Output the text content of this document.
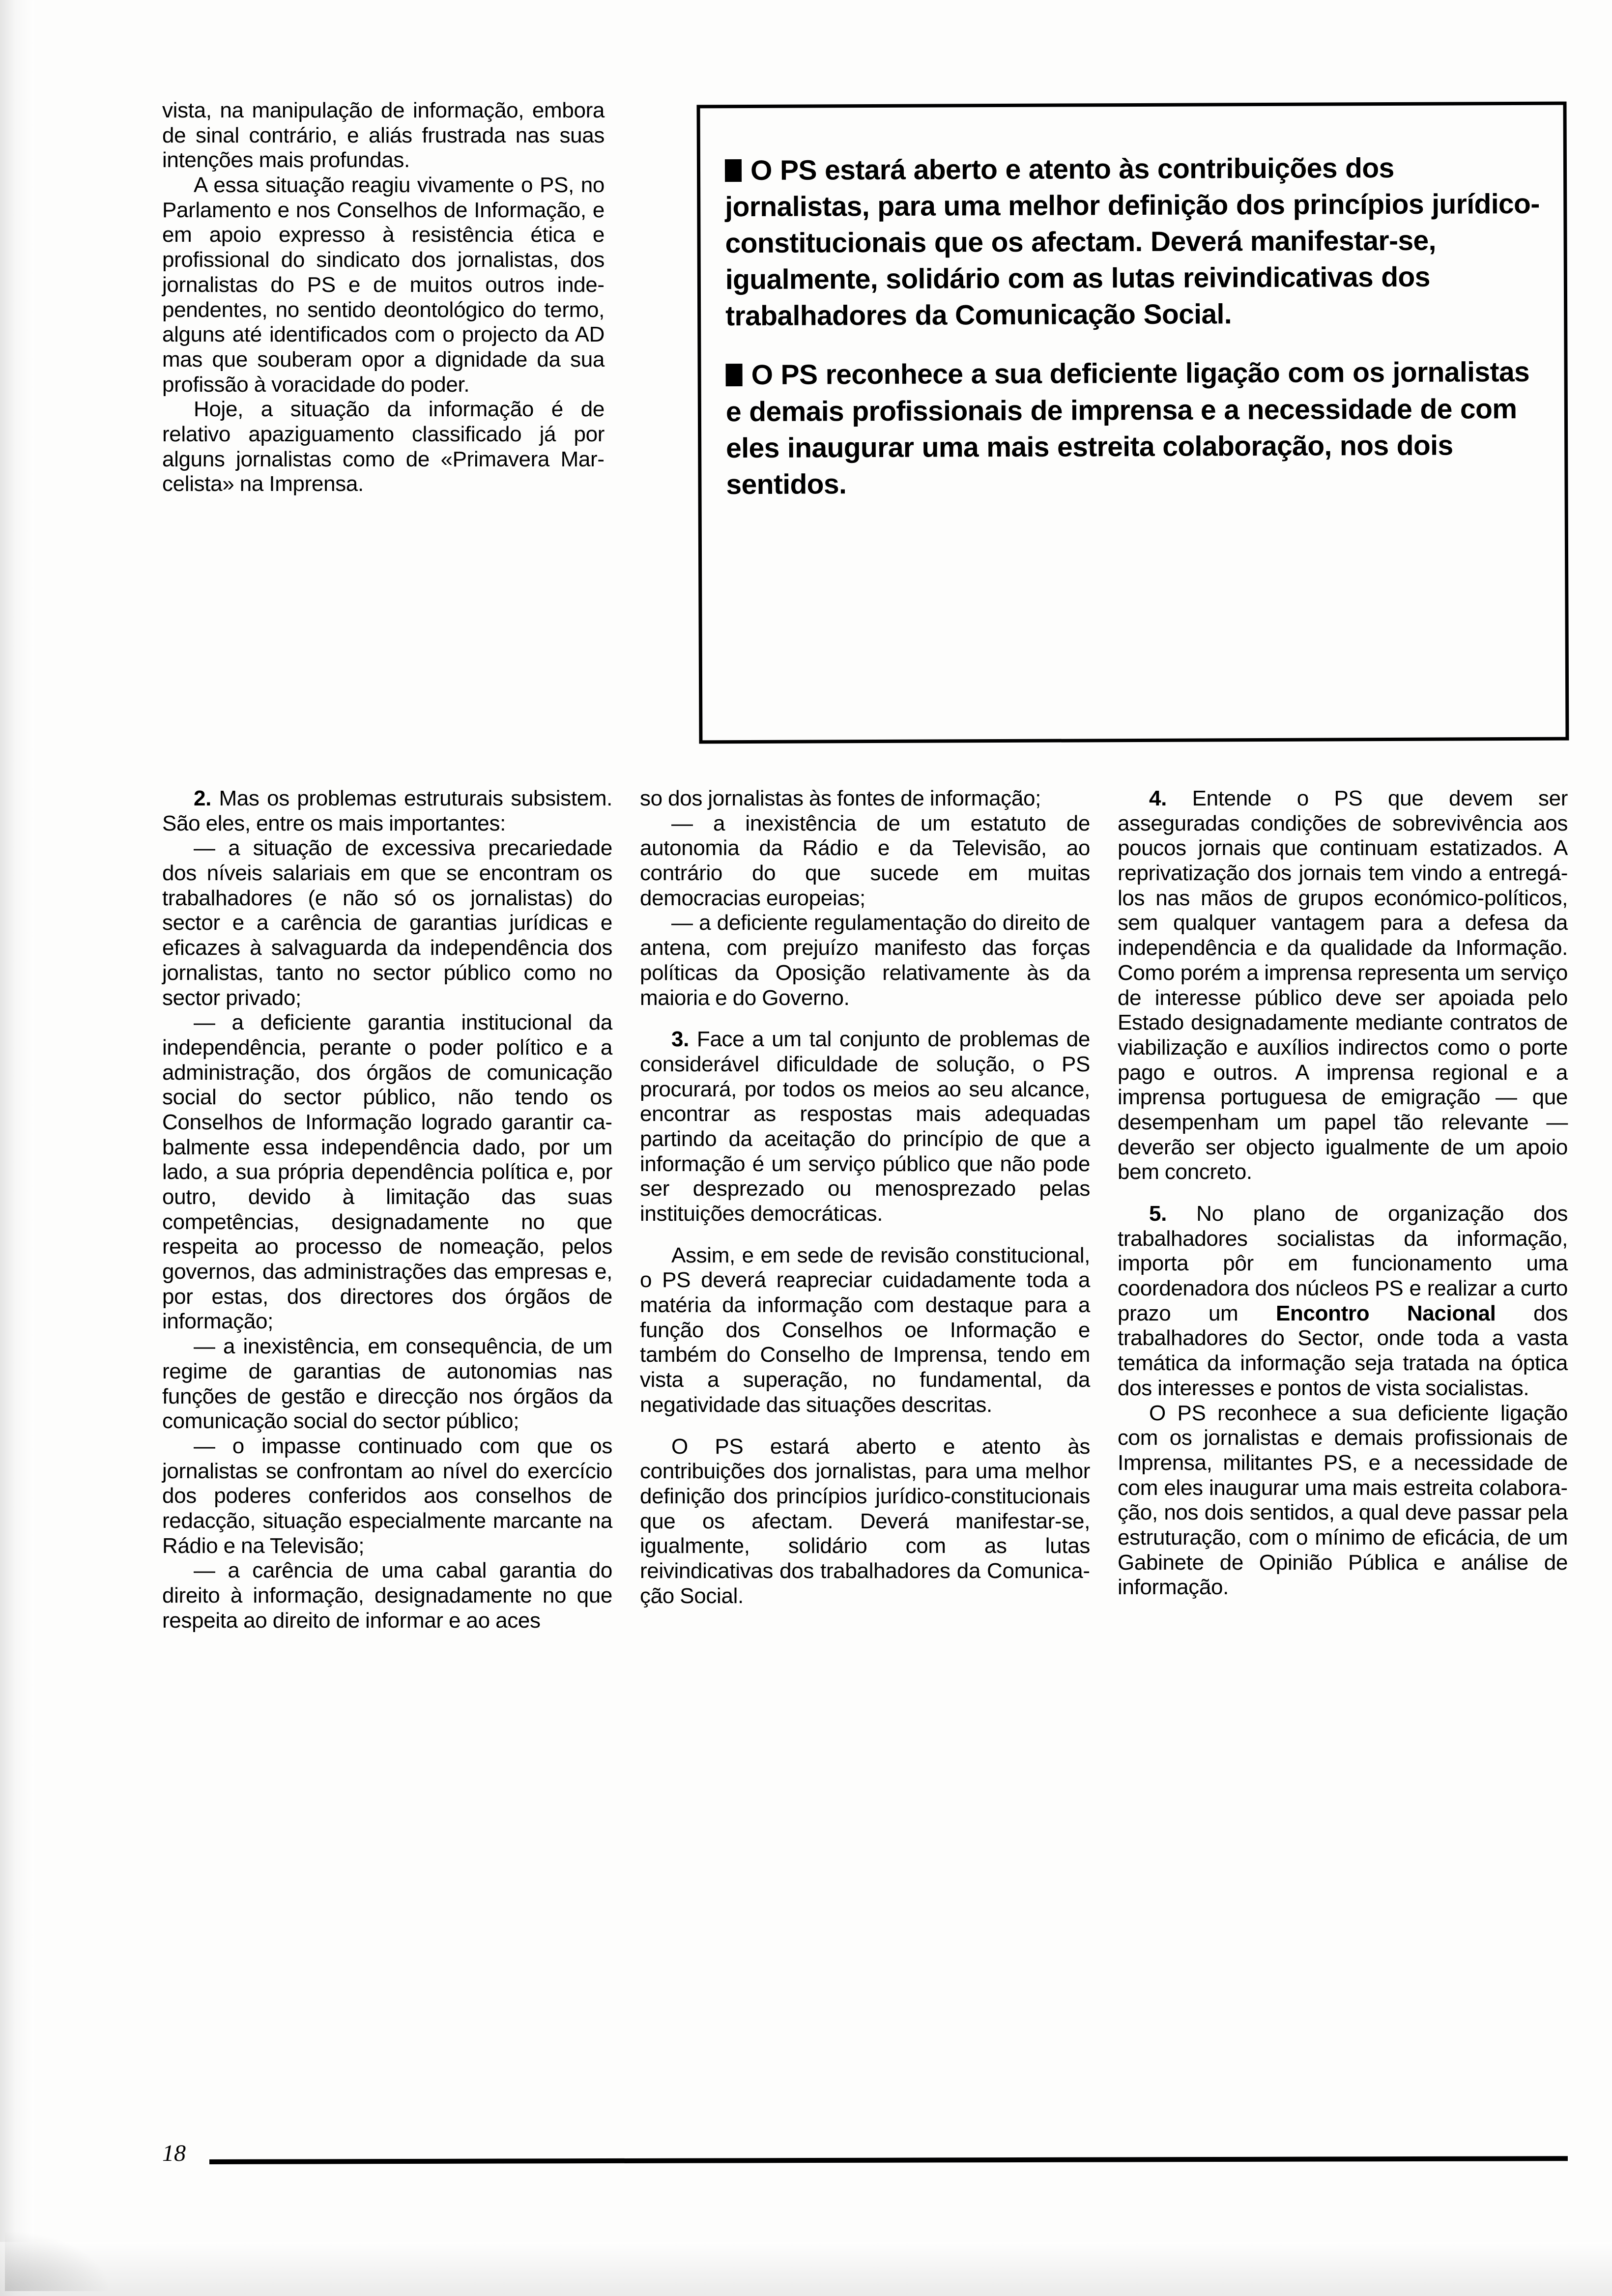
vista, na manipulação de informação, embora de sinal contrário, e aliás frustrada nas suas intenções mais profundas.

A essa situação reagiu vivamente o PS, no Parlamento e nos Conselhos de Informação, e em apoio expresso à resistência ética e profissional do sindicato dos jornalistas, dos jornalistas do PS e de muitos outros independentes, no sentido deontológico do termo, alguns até identificados com o projecto da AD mas que souberam opor a dignidade da sua profissão à voracidade do poder.

Hoje, a situação da informação é de relativo apaziguamento classificado já por alguns jornalistas como de «Primavera Marcelista» na Imprensa.

O PS estará aberto e atento às contribuições dos jornalistas, para uma melhor definição dos princípios jurídico-constitucionais que os afectam. Deverá manifestar-se, igualmente, solidário com as lutas reivindicativas dos trabalhadores da Comunicação Social.

O PS reconhece a sua deficiente ligação com os jornalistas e demais profissionais de imprensa e a necessidade de com eles inaugurar uma mais estreita colaboração, nos dois sentidos.

2. Mas os problemas estruturais subsistem. São eles, entre os mais importantes:

— a situação de excessiva precariedade dos níveis salariais em que se encontram os trabalhadores (e não só os jornalistas) do sector e a carência de garantias jurídicas e eficazes à salvaguarda da independência dos jornalistas, tanto no sector público como no sector privado;

— a deficiente garantia institucional da independência, perante o poder político e a administração, dos órgãos de comunicação social do sector público, não tendo os Conselhos de Informação logrado garantir cabalmente essa independência dado, por um lado, a sua própria dependência política e, por outro, devido à limitação das suas competências, designadamente no que respeita ao processo de nomeação, pelos governos, das administrações das empresas e, por estas, dos directores dos órgãos de informação;

— a inexistência, em consequência, de um regime de garantias de autonomias nas funções de gestão e direcção nos órgãos da comunicação social do sector público;

— o impasse continuado com que os jornalistas se confrontam ao nível do exercício dos poderes conferidos aos conselhos de redacção, situação especialmente marcante na Rádio e na Televisão;

— a carência de uma cabal garantia do direito à informação, designadamente no que respeita ao direito de informar e ao aces

so dos jornalistas às fontes de informação;

— a inexistência de um estatuto de autonomia da Rádio e da Televisão, ao contrário do que sucede em muitas democracias europeias;

— a deficiente regulamentação do direito de antena, com prejuízo manifesto das forças políticas da Oposição relativamente às da maioria e do Governo.

3. Face a um tal conjunto de problemas de considerável dificuldade de solução, o PS procurará, por todos os meios ao seu alcance, encontrar as respostas mais adequadas partindo da aceitação do princípio de que a informação é um serviço público que não pode ser desprezado ou menosprezado pelas instituições democráticas.

Assim, e em sede de revisão constitucional, o PS deverá reapreciar cuidadamente toda a matéria da informação com destaque para a função dos Conselhos oe Informação e também do Conselho de Imprensa, tendo em vista a superação, no fundamental, da negatividade das situações descritas.

O PS estará aberto e atento às contribuições dos jornalistas, para uma melhor definição dos princípios jurídico-constitucionais que os afectam. Deverá manifestar-se, igualmente, solidário com as lutas reivindicativas dos trabalhadores da Comunicação Social.

4. Entende o PS que devem ser asseguradas condições de sobrevivência aos poucos jornais que continuam estatizados. A reprivatização dos jornais tem vindo a entregá-los nas mãos de grupos económico-políticos, sem qualquer vantagem para a defesa da independência e da qualidade da Informação. Como porém a imprensa representa um serviço de interesse público deve ser apoiada pelo Estado designadamente mediante contratos de viabilização e auxílios indirectos como o porte pago e outros. A imprensa regional e a imprensa portuguesa de emigração — que desempenham um papel tão relevante — deverão ser objecto igualmente de um apoio bem concreto.

5. No plano de organização dos trabalhadores socialistas da informação, importa pôr em funcionamento uma coordenadora dos núcleos PS e realizar a curto prazo um Encontro Nacional dos trabalhadores do Sector, onde toda a vasta temática da informação seja tratada na óptica dos interesses e pontos de vista socialistas.

O PS reconhece a sua deficiente ligação com os jornalistas e demais profissionais de Imprensa, militantes PS, e a necessidade de com eles inaugurar uma mais estreita colaboração, nos dois sentidos, a qual deve passar pela estruturação, com o mínimo de eficácia, de um Gabinete de Opinião Pública e análise de informação.

18
